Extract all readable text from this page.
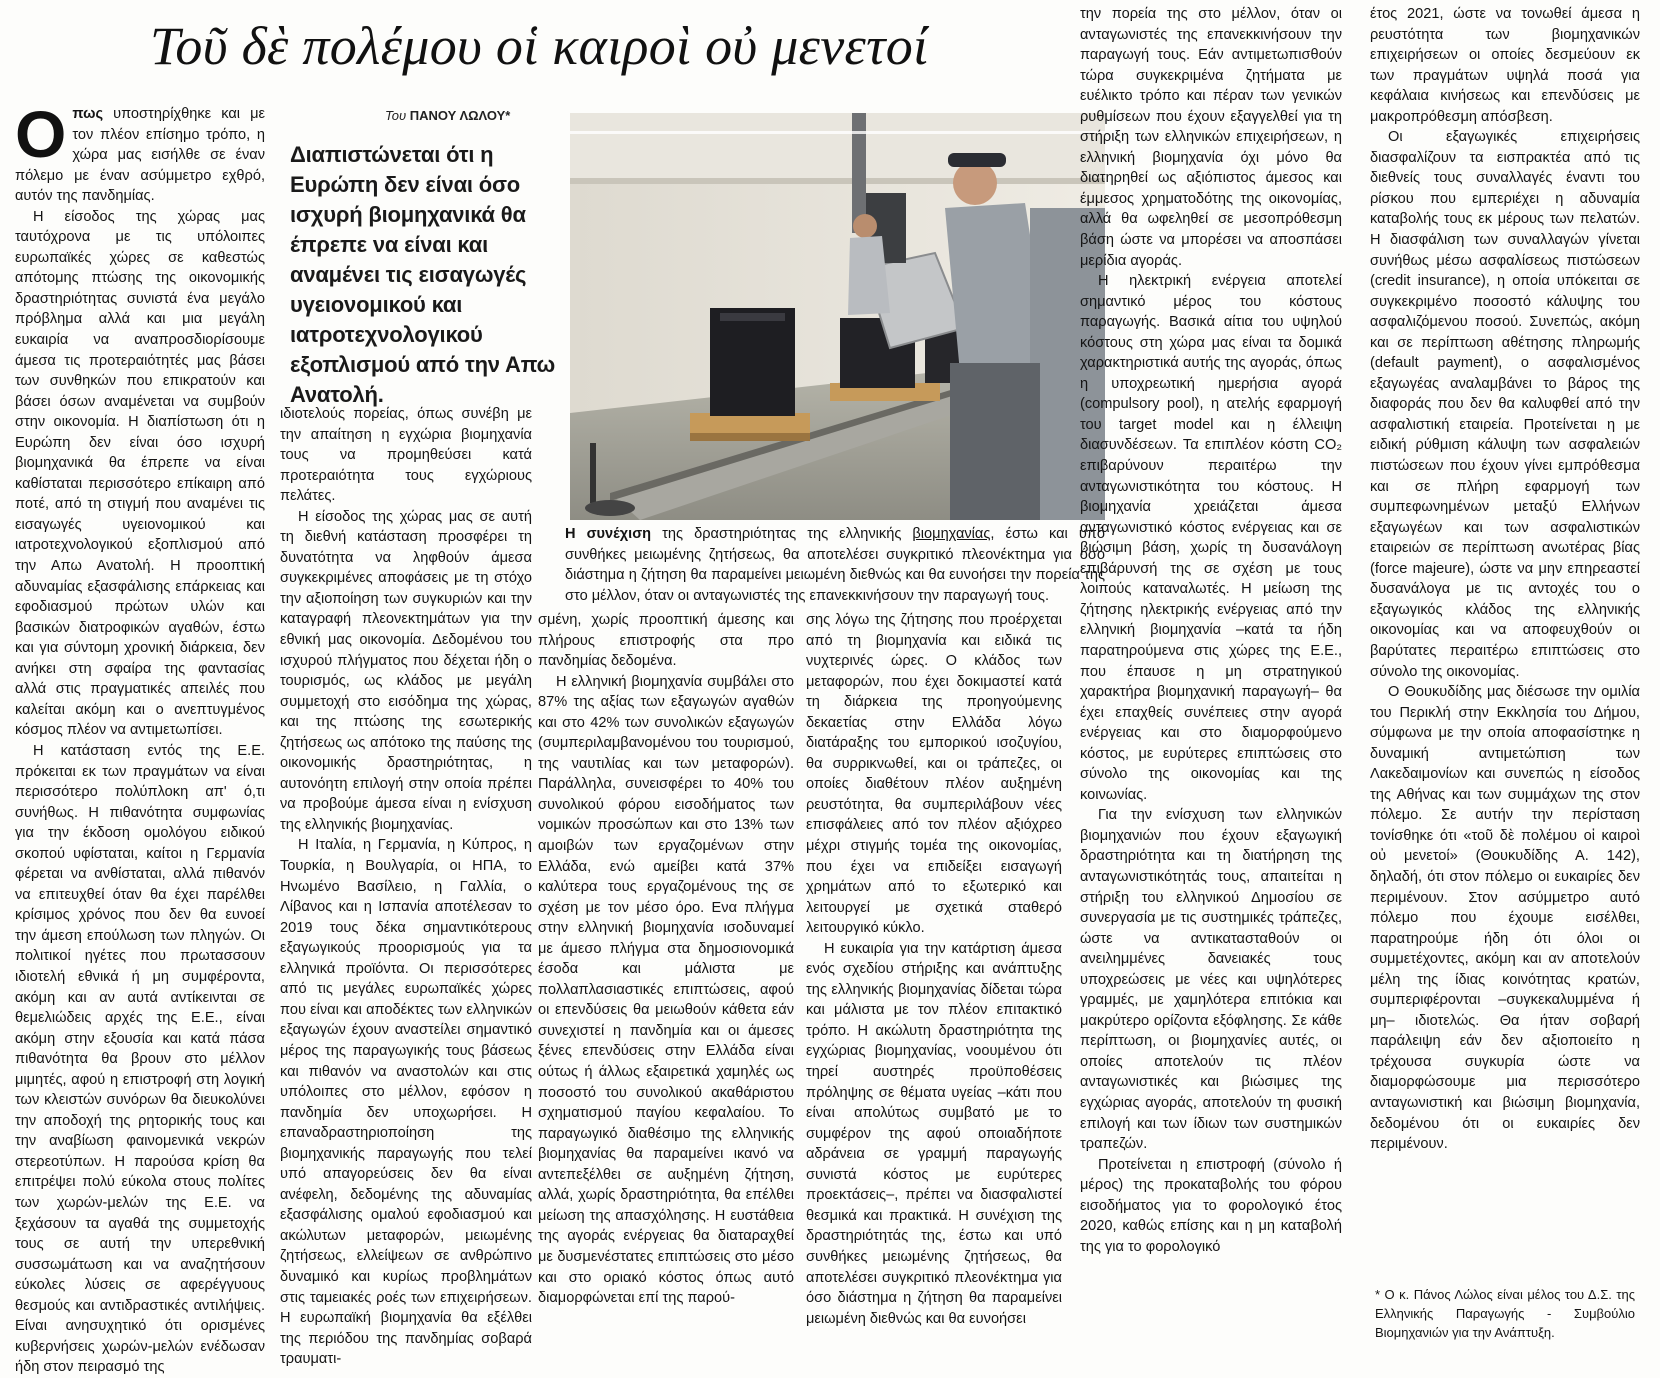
Τοῦ δὲ πολέμου οἱ καιροὶ οὐ μενετοί
Του ΠΑΝΟΥ ΛΩΛΟΥ*

Οπως υποστηρίχθηκε και με τον πλέον επίσημο τρόπο, η χώρα μας εισήλθε σε έναν πόλεμο με έναν ασύμμετρο εχθρό, αυτόν της πανδημίας.

Η είσοδος της χώρας μας ταυτόχρονα με τις υπόλοιπες ευρωπαϊκές χώρες σε καθεστώς απότομης πτώσης της οικονομικής δραστηριότητας συνιστά ένα μεγάλο πρόβλημα αλλά και μια μεγάλη ευκαιρία να αναπροσδιορίσουμε άμεσα τις προτεραιότητές μας βάσει των συνθηκών που επικρατούν και βάσει όσων αναμένεται να συμβούν στην οικονομία. Η διαπίστωση ότι η Ευρώπη δεν είναι όσο ισχυρή βιομηχανικά θα έπρεπε να είναι καθίσταται περισσότερο επίκαιρη από ποτέ, από τη στιγμή που αναμένει τις εισαγωγές υγειονομικού και ιατροτεχνολογικού εξοπλισμού από την Απω Ανατολή. Η προοπτική αδυναμίας εξασφάλισης επάρκειας και εφοδιασμού πρώτων υλών και βασικών διατροφικών αγαθών, έστω και για σύντομη χρονική διάρκεια, δεν ανήκει στη σφαίρα της φαντασίας αλλά στις πραγματικές απειλές που καλείται ακόμη και ο ανεπτυγμένος κόσμος πλέον να αντιμετωπίσει.

Η κατάσταση εντός της Ε.Ε. πρόκειται εκ των πραγμάτων να είναι περισσότερο πολύπλοκη απ' ό,τι συνήθως. Η πιθανότητα συμφωνίας για την έκδοση ομολόγου ειδικού σκοπού υφίσταται, καίτοι η Γερμανία φέρεται να ανθίσταται, αλλά πιθανόν να επιτευχθεί όταν θα έχει παρέλθει κρίσιμος χρόνος που δεν θα ευνοεί την άμεση επούλωση των πληγών. Οι πολιτικοί ηγέτες που πρωτασσουν ιδιοτελή εθνικά ή μη συμφέροντα, ακόμη και αν αυτά αντίκεινται σε θεμελιώδεις αρχές της Ε.Ε., είναι ακόμη στην εξουσία και κατά πάσα πιθανότητα θα βρουν στο μέλλον μιμητές, αφού η επιστροφή στη λογική των κλειστών συνόρων θα διευκολύνει την αποδοχή της ρητορικής τους και την αναβίωση φαινομενικά νεκρών στερεοτύπων. Η παρούσα κρίση θα επιτρέψει πολύ εύκολα στους πολίτες των χωρών-μελών της Ε.Ε. να ξεχάσουν τα αγαθά της συμμετοχής τους σε αυτή την υπερεθνική συσσωμάτωση και να αναζητήσουν εύκολες λύσεις σε αφερέγγυους θεσμούς και αντιδραστικές αντιλήψεις. Είναι ανησυχητικό ότι ορισμένες κυβερνήσεις χωρών-μελών ενέδωσαν ήδη στον πειρασμό της

Διαπιστώνεται ότι η Ευρώπη δεν είναι όσο ισχυρή βιομηχανικά θα έπρεπε να είναι και αναμένει τις εισαγωγές υγειονομικού και ιατροτεχνολογικού εξοπλισμού από την Απω Ανατολή.

ιδιοτελούς πορείας, όπως συνέβη με την απαίτηση η εγχώρια βιομηχανία τους να προμηθεύσει κατά προτεραιότητα τους εγχώριους πελάτες.

Η είσοδος της χώρας μας σε αυτή τη διεθνή κατάσταση προσφέρει τη δυνατότητα να ληφθούν άμεσα συγκεκριμένες αποφάσεις με τη στόχο την αξιοποίηση των συγκυριών και την καταγραφή πλεονεκτημάτων για την εθνική μας οικονομία. Δεδομένου του ισχυρού πλήγματος που δέχεται ήδη ο τουρισμός, ως κλάδος με μεγάλη συμμετοχή στο εισόδημα της χώρας, και της πτώσης της εσωτερικής ζητήσεως ως απότοκο της παύσης της οικονομικής δραστηριότητας, η αυτονόητη επιλογή στην οποία πρέπει να προβούμε άμεσα είναι η ενίσχυση της ελληνικής βιομηχανίας.

Η Ιταλία, η Γερμανία, η Κύπρος, η Τουρκία, η Βουλγαρία, οι ΗΠΑ, το Ηνωμένο Βασίλειο, η Γαλλία, ο Λίβανος και η Ισπανία αποτέλεσαν το 2019 τους δέκα σημαντικότερους εξαγωγικούς προορισμούς για τα ελληνικά προϊόντα. Οι περισσότερες από τις μεγάλες ευρωπαϊκές χώρες που είναι και αποδέκτες των ελληνικών εξαγωγών έχουν αναστείλει σημαντικό μέρος της παραγωγικής τους βάσεως και πιθανόν να αναστολών και στις υπόλοιπες στο μέλλον, εφόσον η πανδημία δεν υποχωρήσει. Η επαναδραστηριοποίηση της βιομηχανικής παραγωγής που τελεί υπό απαγορεύσεις δεν θα είναι ανέφελη, δεδομένης της αδυναμίας εξασφάλισης ομαλού εφοδιασμού και ακώλυτων μεταφορών, μειωμένης ζητήσεως, ελλείψεων σε ανθρώπινο δυναμικό και κυρίως προβλημάτων στις ταμειακές ροές των επιχειρήσεων. Η ευρωπαϊκή βιομηχανία θα εξέλθει της περιόδου της πανδημίας σοβαρά τραυματι-

Η συνέχιση της δραστηριότητας της ελληνικής βιομηχανίας, έστω και υπό συνθήκες μειωμένης ζητήσεως, θα αποτελέσει συγκριτικό πλεονέκτημα για όσο διάστημα η ζήτηση θα παραμείνει μειωμένη διεθνώς και θα ευνοήσει την πορεία της στο μέλλον, όταν οι ανταγωνιστές της επανεκκινήσουν την παραγωγή τους.

σμένη, χωρίς προοπτική άμεσης και πλήρους επιστροφής στα προ πανδημίας δεδομένα.

Η ελληνική βιομηχανία συμβάλει στο 87% της αξίας των εξαγωγών αγαθών και στο 42% των συνολικών εξαγωγών (συμπεριλαμβανομένου του τουρισμού, της ναυτιλίας και των μεταφορών). Παράλληλα, συνεισφέρει το 40% του συνολικού φόρου εισοδήματος των νομικών προσώπων και στο 13% των αμοιβών των εργαζομένων στην Ελλάδα, ενώ αμείβει κατά 37% καλύτερα τους εργαζομένους της σε σχέση με τον μέσο όρο. Ενα πλήγμα στην ελληνική βιομηχανία ισοδυναμεί με άμεσο πλήγμα στα δημοσιονομικά έσοδα και μάλιστα με πολλαπλασιαστικές επιπτώσεις, αφού οι επενδύσεις θα μειωθούν κάθετα εάν συνεχιστεί η πανδημία και οι άμεσες ξένες επενδύσεις στην Ελλάδα είναι ούτως ή άλλως εξαιρετικά χαμηλές ως ποσοστό του συνολικού ακαθάριστου σχηματισμού παγίου κεφαλαίου. Το παραγωγικό διαθέσιμο της ελληνικής βιομηχανίας θα παραμείνει ικανό να αντεπεξέλθει σε αυξημένη ζήτηση, αλλά, χωρίς δραστηριότητα, θα επέλθει μείωση της απασχόλησης. Η ευστάθεια της αγοράς ενέργειας θα διαταραχθεί με δυσμενέστατες επιπτώσεις στο μέσο και στο οριακό κόστος όπως αυτό διαμορφώνεται επί της παρού-

σης λόγω της ζήτησης που προέρχεται από τη βιομηχανία και ειδικά τις νυχτερινές ώρες. Ο κλάδος των μεταφορών, που έχει δοκιμαστεί κατά τη διάρκεια της προηγούμενης δεκαετίας στην Ελλάδα λόγω διατάραξης του εμπορικού ισοζυγίου, θα συρρικνωθεί, και οι τράπεζες, οι οποίες διαθέτουν πλέον αυξημένη ρευστότητα, θα συμπεριλάβουν νέες επισφάλειες από τον πλέον αξιόχρεο μέχρι στιγμής τομέα της οικονομίας, που έχει να επιδείξει εισαγωγή χρημάτων από το εξωτερικό και λειτουργεί με σχετικά σταθερό λειτουργικό κύκλο.

Η ευκαιρία για την κατάρτιση άμεσα ενός σχεδίου στήριξης και ανάπτυξης της ελληνικής βιομηχανίας δίδεται τώρα και μάλιστα με τον πλέον επιτακτικό τρόπο. Η ακώλυτη δραστηριότητα της εγχώριας βιομηχανίας, νοουμένου ότι τηρεί αυστηρές προϋποθέσεις πρόληψης σε θέματα υγείας –κάτι που είναι απολύτως συμβατό με το συμφέρον της αφού οποιαδήποτε αδράνεια σε γραμμή παραγωγής συνιστά κόστος με ευρύτερες προεκτάσεις–, πρέπει να διασφαλιστεί θεσμικά και πρακτικά. Η συνέχιση της δραστηριότητάς της, έστω και υπό συνθήκες μειωμένης ζητήσεως, θα αποτελέσει συγκριτικό πλεονέκτημα για όσο διάστημα η ζήτηση θα παραμείνει μειωμένη διεθνώς και θα ευνοήσει

την πορεία της στο μέλλον, όταν οι ανταγωνιστές της επανεκκινήσουν την παραγωγή τους. Εάν αντιμετωπισθούν τώρα συγκεκριμένα ζητήματα με ευέλικτο τρόπο και πέραν των γενικών ρυθμίσεων που έχουν εξαγγελθεί για τη στήριξη των ελληνικών επιχειρήσεων, η ελληνική βιομηχανία όχι μόνο θα διατηρηθεί ως αξιόπιστος άμεσος και έμμεσος χρηματοδότης της οικονομίας, αλλά θα ωφεληθεί σε μεσοπρόθεσμη βάση ώστε να μπορέσει να αποσπάσει μερίδια αγοράς.

Η ηλεκτρική ενέργεια αποτελεί σημαντικό μέρος του κόστους παραγωγής. Βασικά αίτια του υψηλού κόστους στη χώρα μας είναι τα δομικά χαρακτηριστικά αυτής της αγοράς, όπως η υποχρεωτική ημερήσια αγορά (compulsory pool), η ατελής εφαρμογή του target model και η έλλειψη διασυνδέσεων. Τα επιπλέον κόστη CO₂ επιβαρύνουν περαιτέρω την ανταγωνιστικότητα του κόστους. Η βιομηχανία χρειάζεται άμεσα ανταγωνιστικό κόστος ενέργειας και σε βιώσιμη βάση, χωρίς τη δυσανάλογη επιβάρυνσή της σε σχέση με τους λοιπούς καταναλωτές. Η μείωση της ζήτησης ηλεκτρικής ενέργειας από την ελληνική βιομηχανία –κατά τα ήδη παρατηρούμενα στις χώρες της Ε.Ε., που έπαυσε η μη στρατηγικού χαρακτήρα βιομηχανική παραγωγή– θα έχει επαχθείς συνέπειες στην αγορά ενέργειας και στο διαμορφούμενο κόστος, με ευρύτερες επιπτώσεις στο σύνολο της οικονομίας και της κοινωνίας.

Για την ενίσχυση των ελληνικών βιομηχανιών που έχουν εξαγωγική δραστηριότητα και τη διατήρηση της ανταγωνιστικότητάς τους, απαιτείται η στήριξη του ελληνικού Δημοσίου σε συνεργασία με τις συστημικές τράπεζες, ώστε να αντικατασταθούν οι ανειλημμένες δανειακές τους υποχρεώσεις με νέες και υψηλότερες γραμμές, με χαμηλότερα επιτόκια και μακρύτερο ορίζοντα εξόφλησης. Σε κάθε περίπτωση, οι βιομηχανίες αυτές, οι οποίες αποτελούν τις πλέον ανταγωνιστικές και βιώσιμες της εγχώριας αγοράς, αποτελούν τη φυσική επιλογή και των ίδιων των συστημικών τραπεζών.

Προτείνεται η επιστροφή (σύνολο ή μέρος) της προκαταβολής του φόρου εισοδήματος για το φορολογικό έτος 2020, καθώς επίσης και η μη καταβολή της για το φορολογικό

έτος 2021, ώστε να τονωθεί άμεσα η ρευστότητα των βιομηχανικών επιχειρήσεων οι οποίες δεσμεύουν εκ των πραγμάτων υψηλά ποσά για κεφάλαια κινήσεως και επενδύσεις με μακροπρόθεσμη απόσβεση.

Οι εξαγωγικές επιχειρήσεις διασφαλίζουν τα εισπρακτέα από τις διεθνείς τους συναλλαγές έναντι του ρίσκου που εμπεριέχει η αδυναμία καταβολής τους εκ μέρους των πελατών. Η διασφάλιση των συναλλαγών γίνεται συνήθως μέσω ασφαλίσεως πιστώσεων (credit insurance), η οποία υπόκειται σε συγκεκριμένο ποσοστό κάλυψης του ασφαλιζόμενου ποσού. Συνεπώς, ακόμη και σε περίπτωση αθέτησης πληρωμής (default payment), ο ασφαλισμένος εξαγωγέας αναλαμβάνει το βάρος της διαφοράς που δεν θα καλυφθεί από την ασφαλιστική εταιρεία. Προτείνεται η με ειδική ρύθμιση κάλυψη των ασφαλειών πιστώσεων που έχουν γίνει εμπρόθεσμα και σε πλήρη εφαρμογή των συμπεφωνημένων μεταξύ Ελλήνων εξαγωγέων και των ασφαλιστικών εταιρειών σε περίπτωση ανωτέρας βίας (force majeure), ώστε να μην επηρεαστεί δυσανάλογα με τις αντοχές του ο εξαγωγικός κλάδος της ελληνικής οικονομίας και να αποφευχθούν οι βαρύτατες περαιτέρω επιπτώσεις στο σύνολο της οικονομίας.

Ο Θουκυδίδης μας διέσωσε την ομιλία του Περικλή στην Εκκλησία του Δήμου, σύμφωνα με την οποία αποφασίστηκε η δυναμική αντιμετώπιση των Λακεδαιμονίων και συνεπώς η είσοδος της Αθήνας και των συμμάχων της στον πόλεμο. Σε αυτήν την περίσταση τονίσθηκε ότι «τοῦ δὲ πολέμου οἱ καιροὶ οὐ μενετοί» (Θουκυδίδης Α. 142), δηλαδή, ότι στον πόλεμο οι ευκαιρίες δεν περιμένουν. Στον ασύμμετρο αυτό πόλεμο που έχουμε εισέλθει, παρατηρούμε ήδη ότι όλοι οι συμμετέχοντες, ακόμη και αν αποτελούν μέλη της ίδιας κοινότητας κρατών, συμπεριφέρονται –συγκεκαλυμμένα ή μη– ιδιοτελώς. Θα ήταν σοβαρή παράλειψη εάν δεν αξιοποιείτο η τρέχουσα συγκυρία ώστε να διαμορφώσουμε μια περισσότερο ανταγωνιστική και βιώσιμη βιομηχανία, δεδομένου ότι οι ευκαιρίες δεν περιμένουν.

* Ο κ. Πάνος Λώλος είναι μέλος του Δ.Σ. της Ελληνικής Παραγωγής - Συμβούλιο Βιομηχανιών για την Ανάπτυξη.
